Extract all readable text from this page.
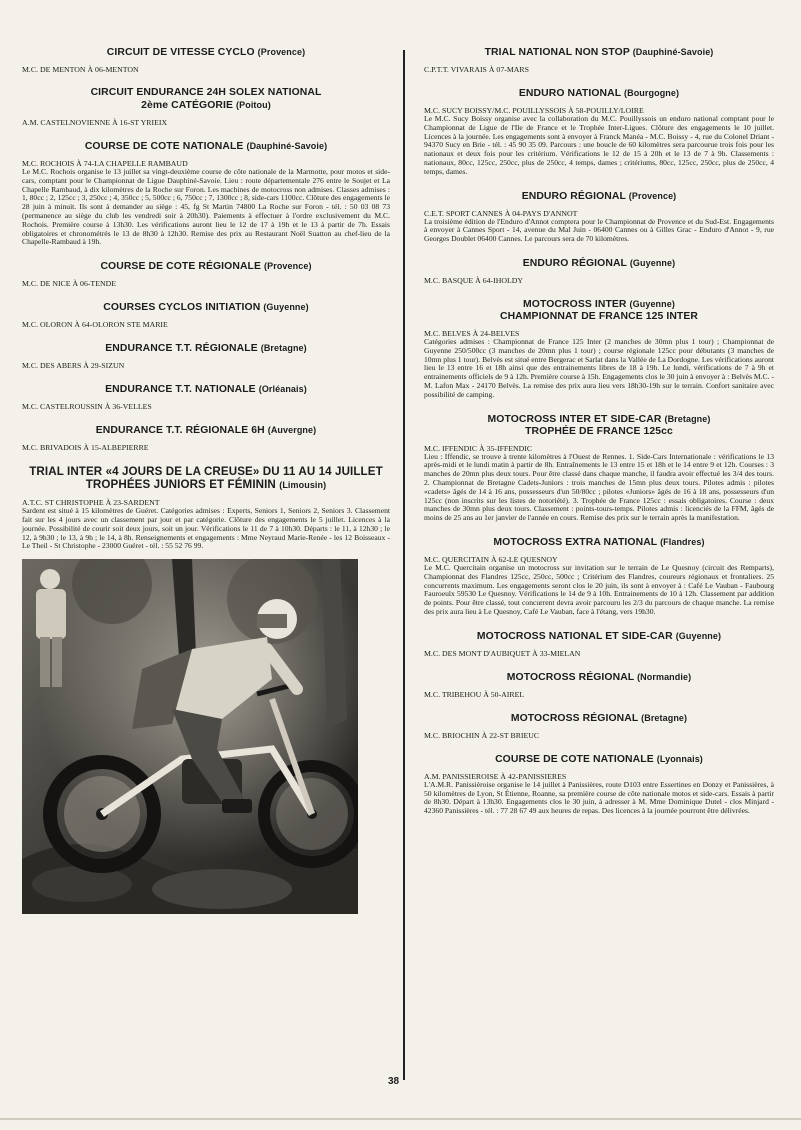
CIRCUIT DE VITESSE CYCLO (Provence)

M.C. DE MENTON À 06-MENTON

CIRCUIT ENDURANCE 24H SOLEX NATIONAL
2ème CATÉGORIE (Poitou)

A.M. CASTELNOVIENNE À 16-ST YRIEIX

COURSE DE COTE NATIONALE (Dauphiné-Savoie)

M.C. ROCHOIS À 74-LA CHAPELLE RAMBAUD

Le M.C. Rochois organise le 13 juillet sa vingt-deuxième course de côte nationale de la Marmotte, pour motos et side-cars, comptant pour le Championnat de Ligue Dauphiné-Savoie. Lieu : route départementale 276 entre le Soujet et La Chapelle Rambaud, à dix kilomètres de la Roche sur Foron. Les machines de motocross non admises. Classes admises : 1, 80cc ; 2, 125cc ; 3, 250cc ; 4, 350cc ; 5, 500cc ; 6, 750cc ; 7, 1300cc ; 8, side-cars 1100cc. Clôture des engagements le 28 juin à minuit. Ils sont à demander au siège : 45, fg St Martin 74800 La Roche sur Foron - tél. : 50 03 08 73 (permanence au siège du club les vendredi soir à 20h30). Paiements à effectuer à l'ordre exclusivement du M.C. Rochois. Première course à 13h30. Les vérifications auront lieu le 12 de 17 à 19h et le 13 à partir de 7h. Essais obligatoires et chronométrés le 13 de 8h30 à 12h30. Remise des prix au Restaurant Noël Suatton au chef-lieu de la Chapelle-Rambaud à 19h.

COURSE DE COTE RÉGIONALE (Provence)

M.C. DE NICE À 06-TENDE

COURSES CYCLOS INITIATION (Guyenne)

M.C. OLORON À 64-OLORON STE MARIE

ENDURANCE T.T. RÉGIONALE (Bretagne)

M.C. DES ABERS À 29-SIZUN

ENDURANCE T.T. NATIONALE (Orléanais)

M.C. CASTELROUSSIN À 36-VELLES

ENDURANCE T.T. RÉGIONALE 6H (Auvergne)

M.C. BRIVADOIS À 15-ALBEPIERRE

TRIAL INTER «4 JOURS DE LA CREUSE» DU 11 AU 14 JUILLET
TROPHÉES JUNIORS ET FÉMININ (Limousin)

A.T.C. ST CHRISTOPHE À 23-SARDENT

Sardent est situé à 15 kilomètres de Guéret. Catégories admises : Experts, Seniors 1, Seniors 2, Seniors 3. Classement fait sur les 4 jours avec un classement par jour et par catégorie. Clôture des engagements le 5 juillet. Licences à la journée. Possibilité de courir soit deux jours, soit un jour. Vérifications le 11 de 7 à 10h30. Départs : le 11, à 12h30 ; le 12, à 9h30 ; le 13, à 9h ; le 14, à 8h. Renseignements et engagements : Mme Neyraud Marie-Renée - les 12 Boisseaux - Le Theil - St Christophe - 23000 Guéret - tél. : 55 52 76 99.

TRIAL NATIONAL NON STOP (Dauphiné-Savoie)

C.P.T.T. VIVARAIS À 07-MARS

ENDURO NATIONAL (Bourgogne)

M.C. SUCY BOISSY/M.C. POUILLYSSOIS À 58-POUILLY/LOIRE

Le M.C. Sucy Boissy organise avec la collaboration du M.C. Pouillyssois un enduro national comptant pour le Championnat de Ligue de l'Ile de France et le Trophée Inter-Ligues. Clôture des engagements le 10 juillet. Licences à la journée. Les engagements sont à envoyer à Franck Manéa - M.C. Boissy - 4, rue du Colonel Driant - 94370 Sucy en Brie - tél. : 45 90 35 09. Parcours : une boucle de 60 kilomètres sera parcourue trois fois pour les nationaux et deux fois pour les critérium. Vérifications le 12 de 15 à 20h et le 13 de 7 à 9h. Classements : nationaux, 80cc, 125cc, 250cc, plus de 250cc, 4 temps, dames ; critériums, 80cc, 125cc, 250cc, plus de 250cc, 4 temps, dames.

ENDURO RÉGIONAL (Provence)

C.E.T. SPORT CANNES À 04-PAYS D'ANNOT

La troisième édition de l'Enduro d'Annot comptera pour le Championnat de Provence et du Sud-Est. Engagements à envoyer à Cannes Sport - 14, avenue du Mal Juin - 06400 Cannes ou à Gilles Grac - Enduro d'Annot - 9, rue Georges Doublet 06400 Cannes. Le parcours sera de 70 kilomètres.

ENDURO RÉGIONAL (Guyenne)

M.C. BASQUE À 64-IHOLDY

MOTOCROSS INTER (Guyenne)
CHAMPIONNAT DE FRANCE 125 INTER

M.C. BELVES À 24-BELVES

Catégories admises : Championnat de France 125 Inter (2 manches de 30mn plus 1 tour) ; Championnat de Guyenne 250/500cc (3 manches de 20mn plus 1 tour) ; course régionale 125cc pour débutants (3 manches de 10mn plus 1 tour). Belvès est situé entre Bergerac et Sarlat dans la Vallée de La Dordogne. Les vérifications auront lieu le 13 entre 16 et 18h ainsi que des entrainements libres de 18 à 19h. Le lundi, vérifications de 7 à 9h et entrainements officiels de 9 à 12h. Première course à 15h. Engagements clos le 30 juin à envoyer à : Belvès M.C. - M. Lafon Max - 24170 Belvès. La remise des prix aura lieu vers 18h30-19h sur le terrain. Confort sanitaire avec possibilité de camping.

MOTOCROSS INTER ET SIDE-CAR (Bretagne)
TROPHÉE DE FRANCE 125cc

M.C. IFFENDIC À 35-IFFENDIC

Lieu : Iffendic, se trouve à trente kilomètres à l'Ouest de Rennes. 1. Side-Cars Internationale : vérifications le 13 après-midi et le lundi matin à partir de 8h. Entraînements le 13 entre 15 et 18h et le 14 entre 9 et 12h. Courses : 3 manches de 20mn plus deux tours. Pour être classé dans chaque manche, il faudra avoir effectué les 3/4 des tours. 2. Championnat de Bretagne Cadets-Juniors : trois manches de 15mn plus deux tours. Pilotes admis : pilotes «cadets» âgés de 14 à 16 ans, possesseurs d'un 50/80cc ; pilotes «Juniors» âgés de 16 à 18 ans, possesseurs d'un 125cc (non inscrits sur les listes de notoriété). 3. Trophée de France 125cc : essais obligatoires. Course : deux manches de 30mn plus deux tours. Classement : points-tours-temps. Pilotes admis : licenciés de la FFM, âgés de moins de 25 ans au 1er janvier de l'année en cours. Remise des prix sur le terrain après la manifestation.

MOTOCROSS EXTRA NATIONAL (Flandres)

M.C. QUERCITAIN À 62-LE QUESNOY

Le M.C. Quercitain organise un motocross sur invitation sur le terrain de Le Quesnoy (circuit des Remparts), Championnat des Flandres 125cc, 250cc, 500cc ; Critérium des Flandres, coureurs régionaux et frontaliers. 25 concurrents maximum. Les engagements seront clos le 20 juin, ils sont à envoyer à : Café Le Vauban - Faubourg Fauroeulx 59530 Le Quesnoy. Vérifications le 14 de 9 à 10h. Entrainements de 10 à 12h. Classement par addition de points. Pour être classé, tout concurrent devra avoir parcouru les 2/3 du parcours de chaque manche. La remise des prix aura lieu à Le Quesnoy, Café Le Vauban, face à l'étang, vers 19h30.

MOTOCROSS NATIONAL ET SIDE-CAR (Guyenne)

M.C. DES MONT D'AUBIQUET À 33-MIELAN

MOTOCROSS RÉGIONAL (Normandie)

M.C. TRIBEHOU À 50-AIREL

MOTOCROSS RÉGIONAL (Bretagne)

M.C. BRIOCHIN À 22-ST BRIEUC

COURSE DE COTE NATIONALE (Lyonnais)

A.M. PANISSIEROISE À 42-PANISSIERES

L'A.M.R. Panissièroise organise le 14 juillet à Panissières, route D103 entre Essertines en Donzy et Panissières, à 50 kilomètres de Lyon, St Étienne, Roanne, sa première course de côte nationale motos et side-cars. Essais à partir de 8h30. Départ à 13h30. Engagements clos le 30 juin, à adresser à M. Mme Dominique Dutel - clos Minjard - 42360 Panissières - tél. : 77 28 67 49 aux heures de repas. Des licences à la journée pourront être délivrées.

38
